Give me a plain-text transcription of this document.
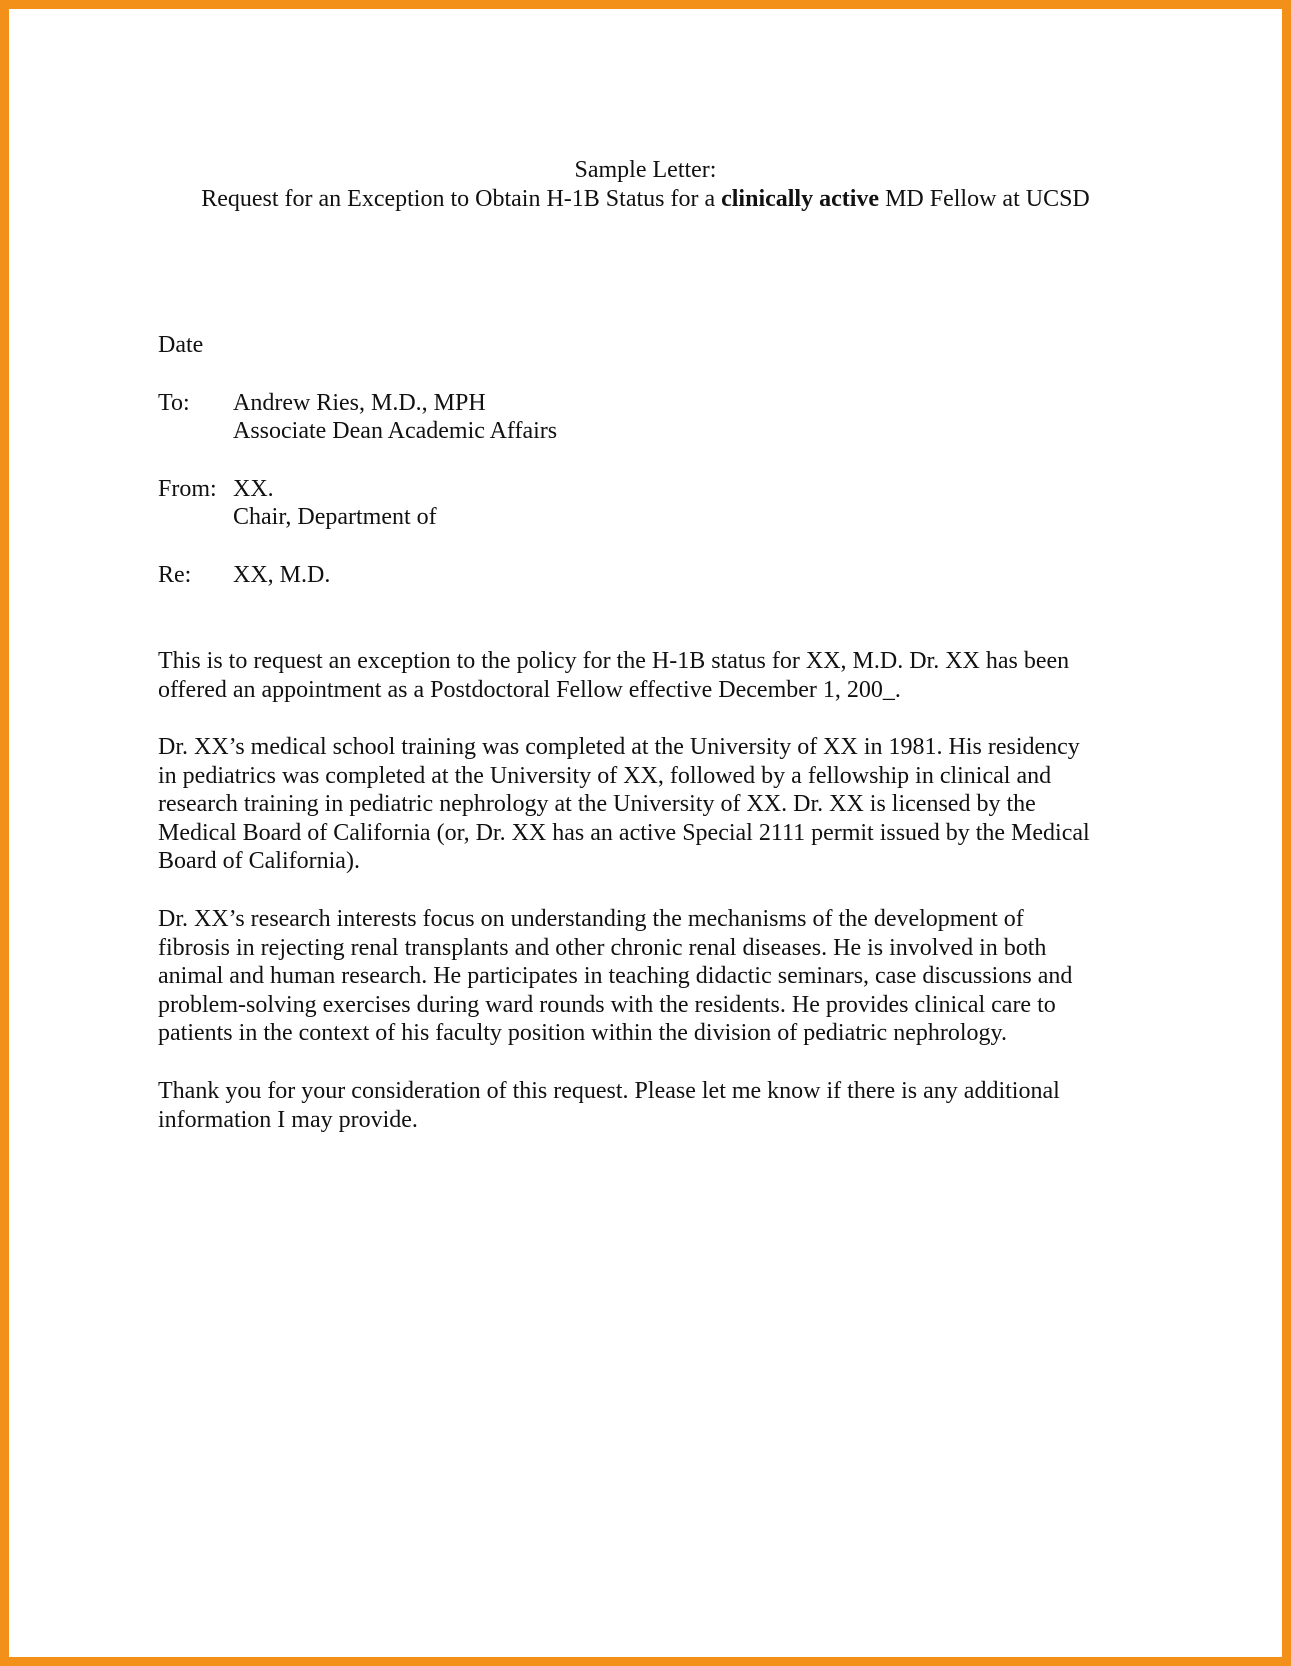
Sample Letter:
Request for an Exception to Obtain H-1B Status for a clinically active MD Fellow at UCSD
Date
To: Andrew Ries, M.D., MPH
Associate Dean Academic Affairs
From: XX.
Chair, Department of
Re: XX, M.D.
This is to request an exception to the policy for the H-1B status for XX, M.D. Dr. XX has been
offered an appointment as a Postdoctoral Fellow effective December 1, 200_.
Dr. XX’s medical school training was completed at the University of XX in 1981. His residency
in pediatrics was completed at the University of XX, followed by a fellowship in clinical and
research training in pediatric nephrology at the University of XX. Dr. XX is licensed by the
Medical Board of California (or, Dr. XX has an active Special 2111 permit issued by the Medical
Board of California).
Dr. XX’s research interests focus on understanding the mechanisms of the development of
fibrosis in rejecting renal transplants and other chronic renal diseases. He is involved in both
animal and human research. He participates in teaching didactic seminars, case discussions and
problem-solving exercises during ward rounds with the residents. He provides clinical care to
patients in the context of his faculty position within the division of pediatric nephrology.
Thank you for your consideration of this request. Please let me know if there is any additional
information I may provide.
